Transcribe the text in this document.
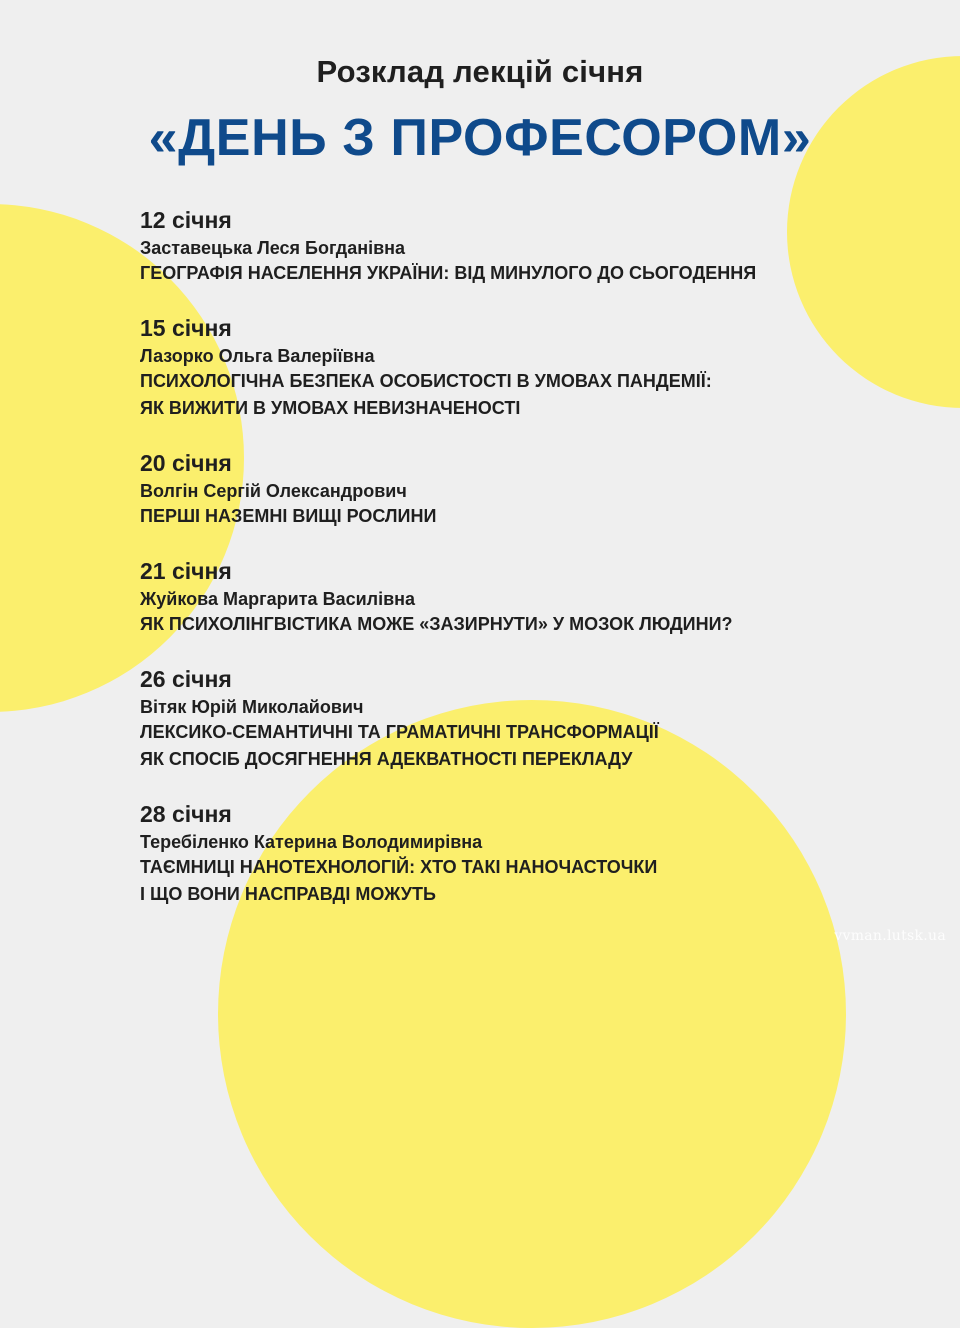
Розклад лекцій січня
«ДЕНЬ З ПРОФЕСОРОМ»
12 січня
Заставецька Леся Богданівна
ГЕОГРАФІЯ НАСЕЛЕННЯ УКРАЇНИ: ВІД МИНУЛОГО ДО СЬОГОДЕННЯ
15 січня
Лазорко Ольга Валеріївна
ПСИХОЛОГІЧНА БЕЗПЕКА ОСОБИСТОСТІ В УМОВАХ ПАНДЕМІЇ:
ЯК ВИЖИТИ В УМОВАХ НЕВИЗНАЧЕНОСТІ
20 січня
Волгін Сергій Олександрович
ПЕРШІ НАЗЕМНІ ВИЩІ РОСЛИНИ
21 січня
Жуйкова Маргарита Василівна
ЯК ПСИХОЛІНГВІСТИКА МОЖЕ «ЗАЗИРНУТИ» У МОЗОК ЛЮДИНИ?
26 січня
Вітяк Юрій Миколайович
ЛЕКСИКО-СЕМАНТИЧНІ ТА ГРАМАТИЧНІ ТРАНСФОРМАЦІЇ
ЯК СПОСІБ ДОСЯГНЕННЯ АДЕКВАТНОСТІ ПЕРЕКЛАДУ
28 січня
Теребіленко Катерина Володимирівна
ТАЄМНИЦІ НАНОТЕХНОЛОГІЙ: ХТО ТАКІ НАНОЧАСТОЧКИ
І ЩО ВОНИ НАСПРАВДІ МОЖУТЬ
vvman.lutsk.ua
